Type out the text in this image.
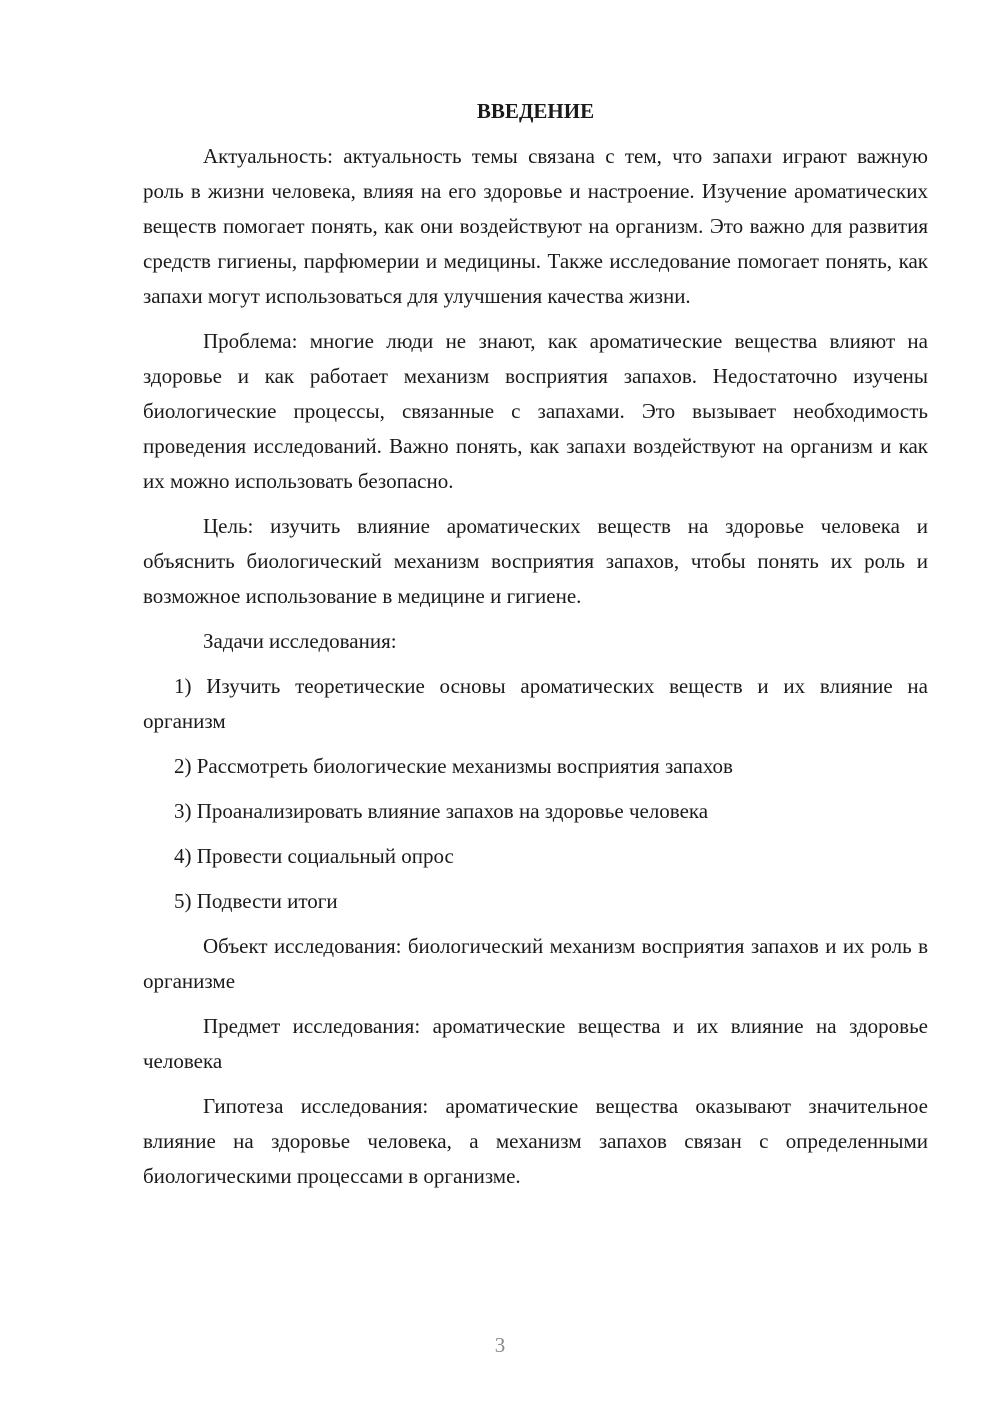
ВВЕДЕНИЕ

Актуальность: актуальность темы связана с тем, что запахи играют важную роль в жизни человека, влияя на его здоровье и настроение. Изучение ароматических веществ помогает понять, как они воздействуют на организм. Это важно для развития средств гигиены, парфюмерии и медицины. Также исследование помогает понять, как запахи могут использоваться для улучшения качества жизни.

Проблема: многие люди не знают, как ароматические вещества влияют на здоровье и как работает механизм восприятия запахов. Недостаточно изучены биологические процессы, связанные с запахами. Это вызывает необходимость проведения исследований. Важно понять, как запахи воздействуют на организм и как их можно использовать безопасно.

Цель: изучить влияние ароматических веществ на здоровье человека и объяснить биологический механизм восприятия запахов, чтобы понять их роль и возможное использование в медицине и гигиене.

Задачи исследования:

1) Изучить теоретические основы ароматических веществ и их влияние на организм

2) Рассмотреть биологические механизмы восприятия запахов

3) Проанализировать влияние запахов на здоровье человека

4) Провести социальный опрос

5) Подвести итоги

Объект исследования: биологический механизм восприятия запахов и их роль в организме

Предмет исследования: ароматические вещества и их влияние на здоровье человека

Гипотеза исследования: ароматические вещества оказывают значительное влияние на здоровье человека, а механизм запахов связан с определенными биологическими процессами в организме.

3
